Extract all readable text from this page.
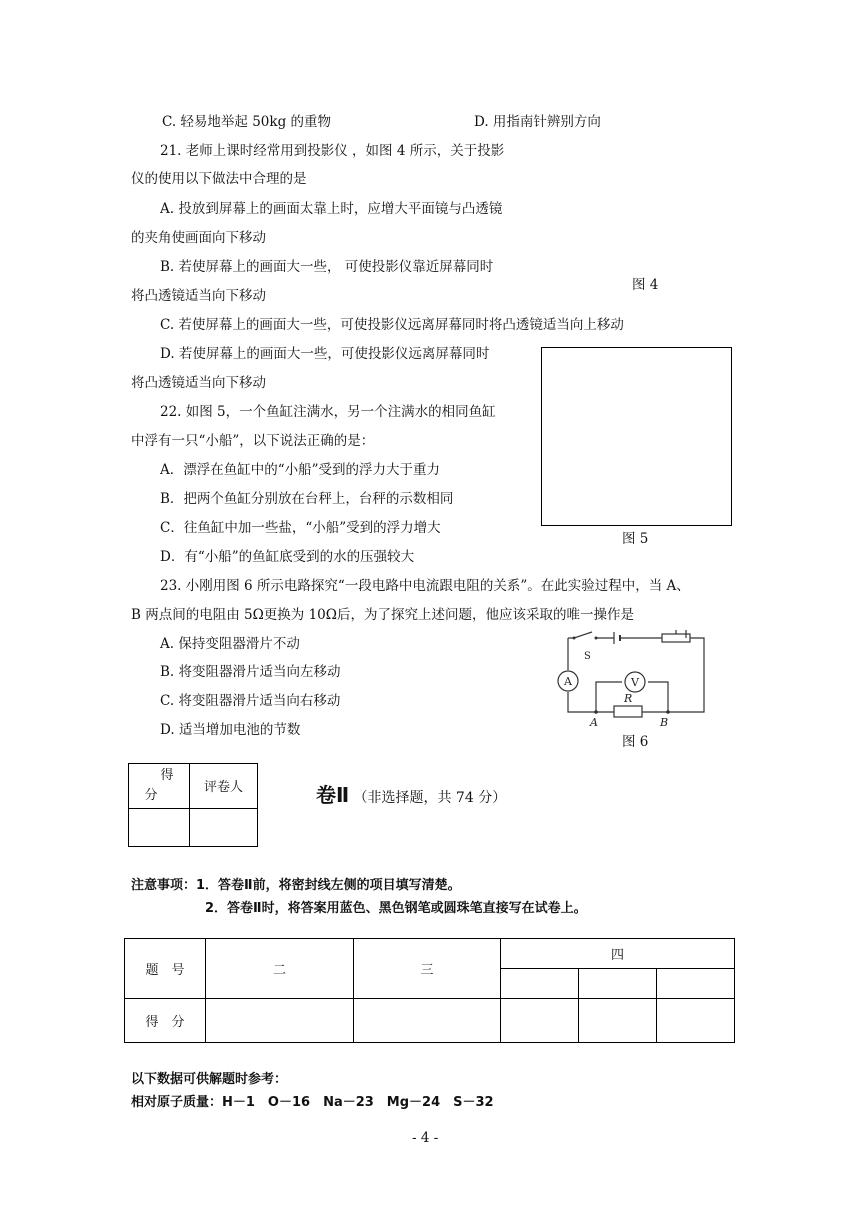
C. 轻易地举起 50kg 的重物	D. 用指南针辨别方向
21. 老师上课时经常用到投影仪 ，如图 4 所示，关于投影
仪的使用以下做法中合理的是
A. 投放到屏幕上的画面太靠上时，应增大平面镜与凸透镜
的夹角使画面向下移动
B. 若使屏幕上的画面大一些， 可使投影仪靠近屏幕同时
将凸透镜适当向下移动
图 4
C. 若使屏幕上的画面大一些，可使投影仪远离屏幕同时将凸透镜适当向上移动
D. 若使屏幕上的画面大一些，可使投影仪远离屏幕同时
将凸透镜适当向下移动
图 5
22. 如图 5，一个鱼缸注满水，另一个注满水的相同鱼缸
中浮有一只“小船”，以下说法正确的是：
A．漂浮在鱼缸中的“小船”受到的浮力大于重力
B．把两个鱼缸分别放在台秤上，台秤的示数相同
C．往鱼缸中加一些盐，“小船”受到的浮力增大
D．有“小船”的鱼缸底受到的水的压强较大
23. 小刚用图 6 所示电路探究“一段电路中电流跟电阻的关系”。在此实验过程中，当 A、
B 两点间的电阻由 5Ω更换为 10Ω后，为了探究上述问题，他应该采取的唯一操作是
A. 保持变阻器滑片不动
B. 将变阻器滑片适当向左移动
C. 将变阻器滑片适当向右移动
D. 适当增加电池的节数
A	V
S
R
A	B
图 6
得
分	评卷人
		卷Ⅱ （非选择题，共 74 分）
注意事项：1．答卷Ⅱ前，将密封线左侧的项目填写清楚。
2．答卷Ⅱ时，将答案用蓝色、黑色钢笔或圆珠笔直接写在试卷上。
题　号	二	三	四		

得　分					
以下数据可供解题时参考：
相对原子质量：H－1　O－16　Na－23　Mg－24　S－32
- 4 -
